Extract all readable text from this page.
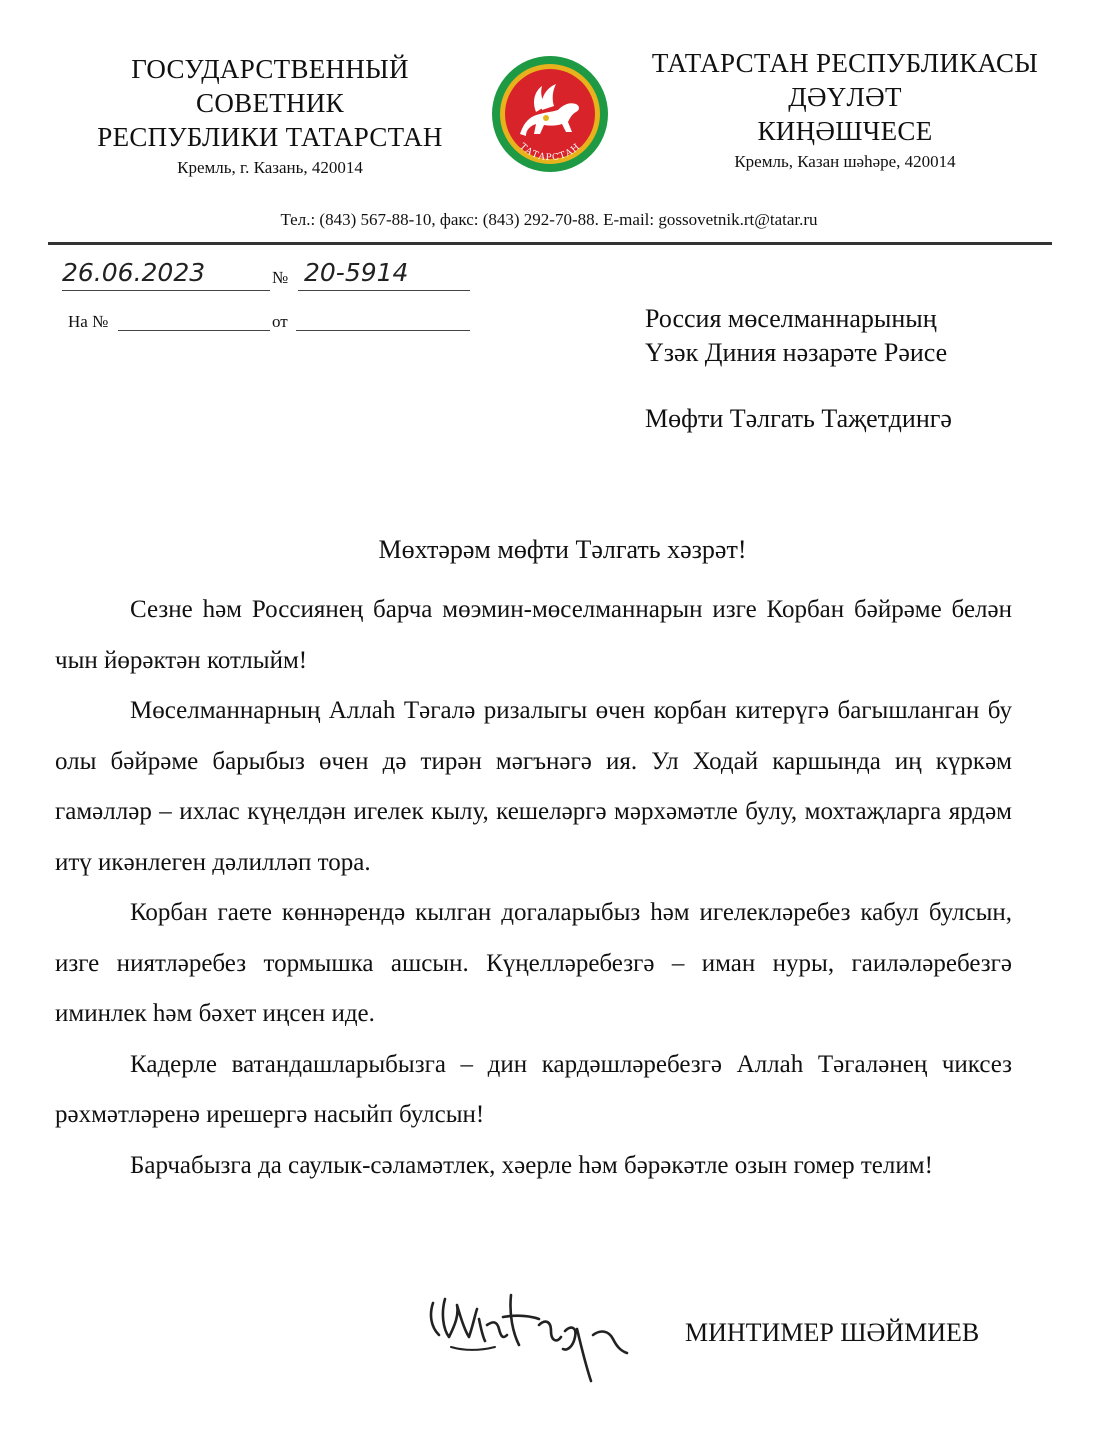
ГОСУДАРСТВЕННЫЙ
СОВЕТНИК
РЕСПУБЛИКИ ТАТАРСТАН
Кремль, г. Казань, 420014
ТАТАРСТАН
ТАТАРСТАН РЕСПУБЛИКАСЫ
ДӘҮЛӘТ
КИҢӘШЧЕСЕ
Кремль, Казан шәһәре, 420014
Тел.: (843) 567-88-10, факс: (843) 292-70-88. E-mail: gossovetnik.rt@tatar.ru
26.06.2023	№ 20-5914
На №	от	Россия мөселманнарының
Үзәк Диния нәзарәте Рәисе
Мөфти Тәлгать Таҗетдингә
Мөхтәрәм мөфти Тәлгать хәзрәт!

Сезне һәм Россиянең барча мөэмин-мөселманнарын изге Корбан бәйрәме белән чын йөрәктән котлыйм!

Мөселманнарның Аллаһ Тәгалә ризалыгы өчен корбан китерүгә багышланган бу олы бәйрәме барыбыз өчен дә тирән мәгънәгә ия. Ул Ходай каршында иң күркәм гамәлләр – ихлас күңелдән игелек кылу, кешеләргә мәрхәмәтле булу, мохтаҗларга ярдәм итү икәнлеген дәлилләп тора.

Корбан гаете көннәрендә кылган догаларыбыз һәм игелекләребез кабул булсын, изге ниятләребез тормышка ашсын. Күңелләребезгә – иман нуры, гаиләләребезгә иминлек һәм бәхет иңсен иде.

Кадерле ватандашларыбызга – дин кардәшләребезгә Аллаһ Тәгаләнең чиксез рәхмәтләренә ирешергә насыйп булсын!

Барчабызга да саулык-сәламәтлек, хәерле һәм бәрәкәтле озын гомер телим!

МИНТИМЕР ШӘЙМИЕВ
